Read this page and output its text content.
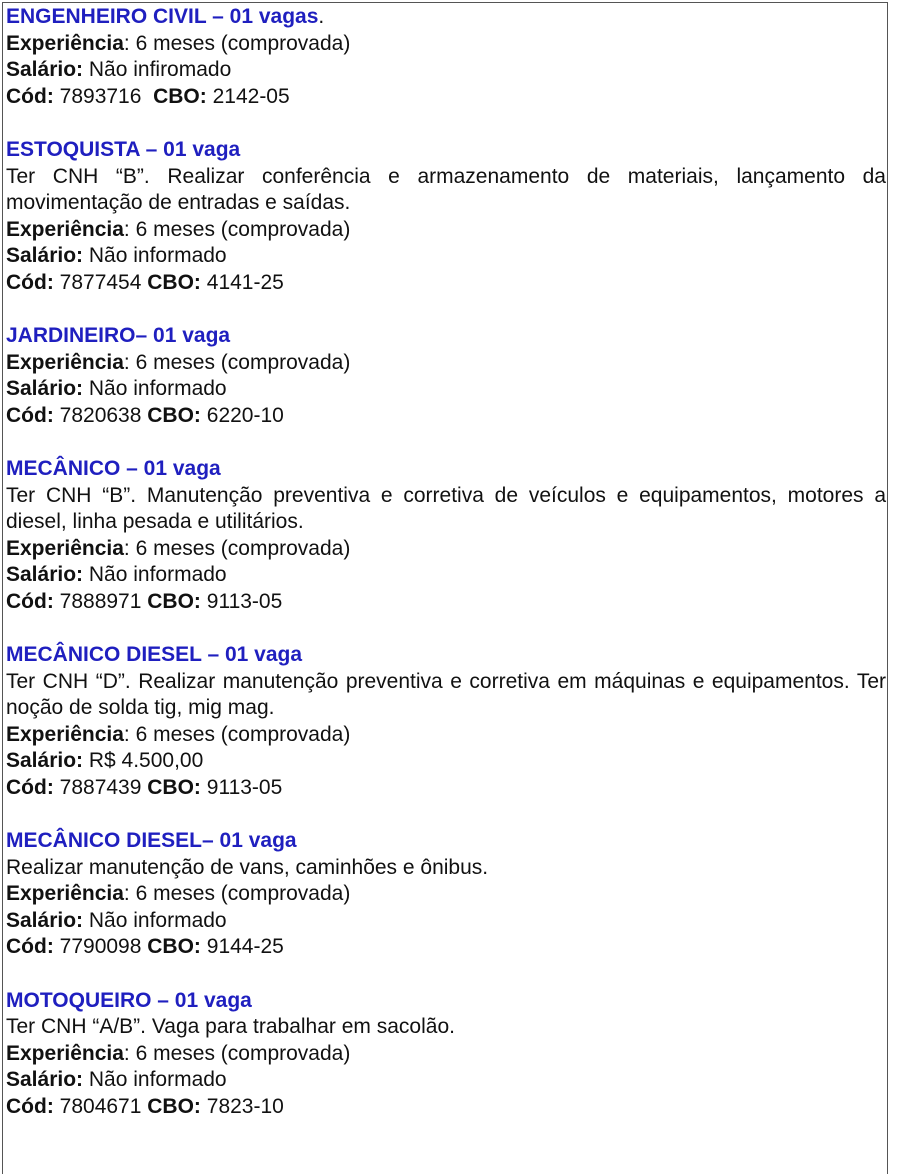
ENGENHEIRO CIVIL – 01 vagas.
Experiência: 6 meses (comprovada)
Salário: Não infiromado
Cód: 7893716  CBO: 2142-05
ESTOQUISTA – 01 vaga
Ter CNH “B”. Realizar conferência e armazenamento de materiais, lançamento da movimentação de entradas e saídas.
Experiência: 6 meses (comprovada)
Salário: Não informado
Cód: 7877454 CBO: 4141-25
JARDINEIRO– 01 vaga
Experiência: 6 meses (comprovada)
Salário: Não informado
Cód: 7820638 CBO: 6220-10
MECÂNICO – 01 vaga
Ter CNH “B”. Manutenção preventiva e corretiva de veículos e equipamentos, motores a diesel, linha pesada e utilitários.
Experiência: 6 meses (comprovada)
Salário: Não informado
Cód: 7888971 CBO: 9113-05
MECÂNICO DIESEL – 01 vaga
Ter CNH “D”. Realizar manutenção preventiva e corretiva em máquinas e equipamentos. Ter noção de solda tig, mig mag.
Experiência: 6 meses (comprovada)
Salário: R$ 4.500,00
Cód: 7887439 CBO: 9113-05
MECÂNICO DIESEL– 01 vaga
Realizar manutenção de vans, caminhões e ônibus.
Experiência: 6 meses (comprovada)
Salário: Não informado
Cód: 7790098 CBO: 9144-25
MOTOQUEIRO – 01 vaga
Ter CNH “A/B”. Vaga para trabalhar em sacolão.
Experiência: 6 meses (comprovada)
Salário: Não informado
Cód: 7804671 CBO: 7823-10
